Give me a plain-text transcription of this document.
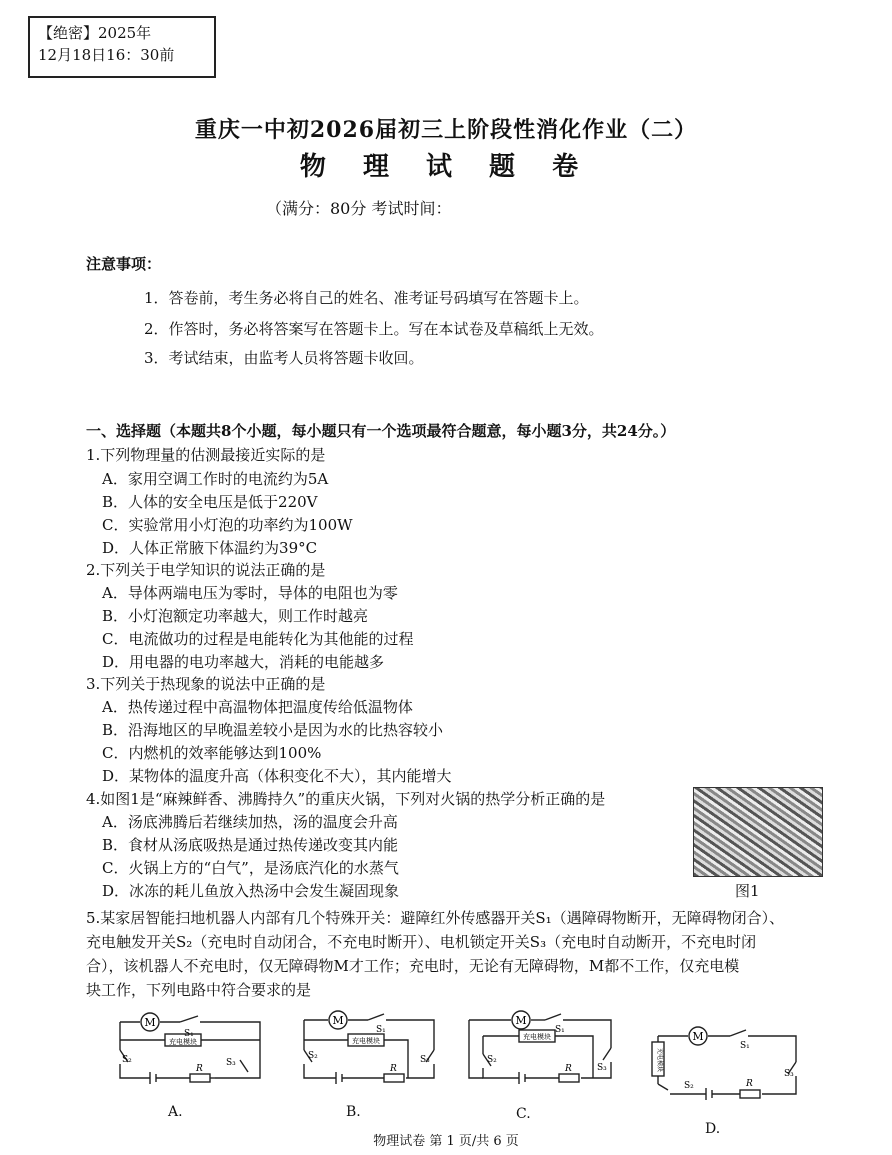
【绝密】2025年
12月18日16：30前
重庆一中初2026届初三上阶段性消化作业（二）
物 理 试 题 卷
（满分：80分 考试时间：
注意事项：
1．答卷前，考生务必将自己的姓名、准考证号码填写在答题卡上。
2．作答时，务必将答案写在答题卡上。写在本试卷及草稿纸上无效。
3．考试结束，由监考人员将答题卡收回。
一、选择题（本题共8个小题，每小题只有一个选项最符合题意，每小题3分，共24分。）
1.下列物理量的估测最接近实际的是
A．家用空调工作时的电流约为5A
B．人体的安全电压是低于220V
C．实验常用小灯泡的功率约为100W
D．人体正常腋下体温约为39°C
2.下列关于电学知识的说法正确的是
A．导体两端电压为零时，导体的电阻也为零
B．小灯泡额定功率越大，则工作时越亮
C．电流做功的过程是电能转化为其他能的过程
D．用电器的电功率越大，消耗的电能越多
3.下列关于热现象的说法中正确的是
A．热传递过程中高温物体把温度传给低温物体
B．沿海地区的早晚温差较小是因为水的比热容较小
C．内燃机的效率能够达到100%
D．某物体的温度升高（体积变化不大），其内能增大
4.如图1是“麻辣鲜香、沸腾持久”的重庆火锅，下列对火锅的热学分析正确的是
A．汤底沸腾后若继续加热，汤的温度会升高
B．食材从汤底吸热是通过热传递改变其内能
C．火锅上方的“白气”，是汤底汽化的水蒸气
D．冰冻的耗儿鱼放入热汤中会发生凝固现象	图1
5.某家居智能扫地机器人内部有几个特殊开关：避障红外传感器开关S₁（遇障碍物断开，无障碍物闭合）、
充电触发开关S₂（充电时自动闭合，不充电时断开）、电机锁定开关S₃（充电时自动断开，不充电时闭
合），该机器人不充电时，仅无障碍物M才工作；充电时，无论有无障碍物，M都不工作，仅充电模
块工作，下列电路中符合要求的是
M
S₁
S₂	S₃
R
充电模块
A.
M
S₁
S₂	S₃
R
充电模块
B.
M
S₁
S₂
S₃
R
充电模块
C.
M
S₁
S₂
S₃
R
充电模块
D.
物理试卷 第 1 页/共 6 页
